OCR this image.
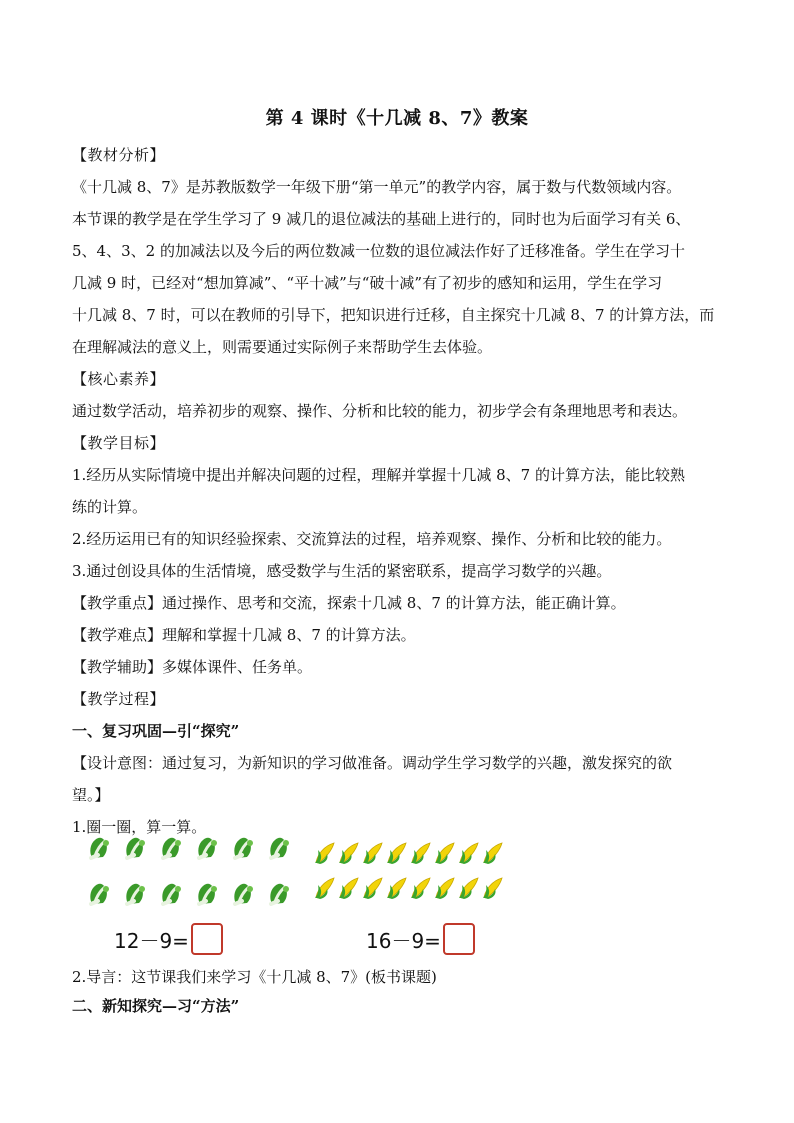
第 4 课时《十几减 8、7》教案
【教材分析】
《十几减 8、7》是苏教版数学一年级下册“第一单元”的教学内容，属于数与代数领域内容。
本节课的教学是在学生学习了 9 减几的退位减法的基础上进行的，同时也为后面学习有关 6、
5、4、3、2 的加减法以及今后的两位数减一位数的退位减法作好了迁移准备。学生在学习十
几减 9 时，已经对“想加算减”、“平十减”与“破十减”有了初步的感知和运用，学生在学习
十几减 8、7 时，可以在教师的引导下，把知识进行迁移，自主探究十几减 8、7 的计算方法，而
在理解减法的意义上，则需要通过实际例子来帮助学生去体验。
【核心素养】
通过数学活动，培养初步的观察、操作、分析和比较的能力，初步学会有条理地思考和表达。
【教学目标】
1.经历从实际情境中提出并解决问题的过程，理解并掌握十几减 8、7 的计算方法，能比较熟
练的计算。
2.经历运用已有的知识经验探索、交流算法的过程，培养观察、操作、分析和比较的能力。
3.通过创设具体的生活情境，感受数学与生活的紧密联系，提高学习数学的兴趣。
【教学重点】通过操作、思考和交流，探索十几减 8、7 的计算方法，能正确计算。
【教学难点】理解和掌握十几减 8、7 的计算方法。
【教学辅助】多媒体课件、任务单。
【教学过程】
一、复习巩固—引“探究”
【设计意图：通过复习，为新知识的学习做准备。调动学生学习数学的兴趣，激发探究的欲
望。】
1.圈一圈，算一算。
12－9=	16－9=
2.导言：这节课我们来学习《十几减 8、7》(板书课题)
二、新知探究—习“方法”
